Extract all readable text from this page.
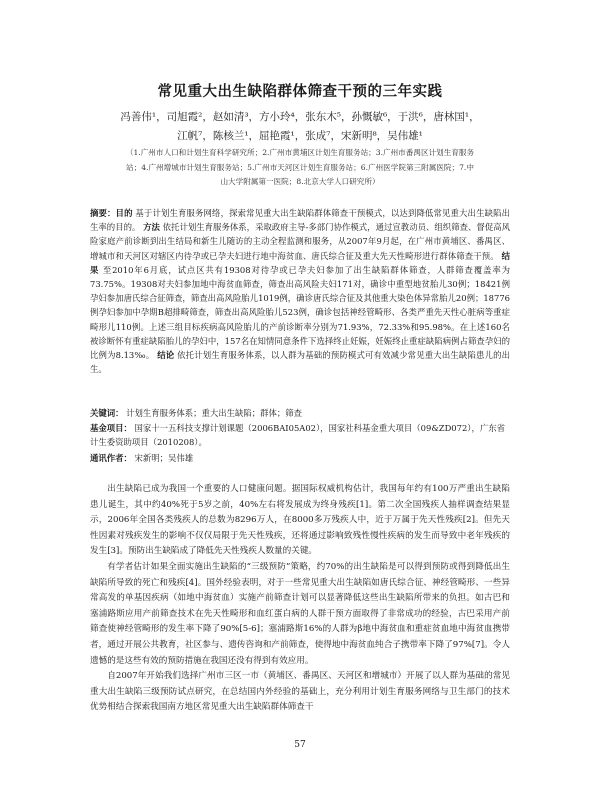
常见重大出生缺陷群体筛查干预的三年实践
冯善伟¹，司旭霞²，赵如清³，方小玲⁴，张东木⁵，孙慨敏⁶，于洪⁶，唐林国¹，
江帆⁷，陈核兰¹，屈艳霞¹，张成⁷，宋新明⁸，吴伟雄¹
（1.广州市人口和计划生育科学研究所；2.广州市黄埔区计划生育服务站；3.广州市番禺区计划生育服务
站；4.广州增城市计划生育服务站；5.广州市天河区计划生育服务站；6.广州医学院第三附属医院；7.中
山大学附属第一医院；8.北京大学人口研究所）
摘要：目的 基于计划生育服务网络，探索常见重大出生缺陷群体筛查干预模式，以达到降低常见重大出生缺陷出生率的目的。 方法 依托计划生育服务体系，采取政府主导-多部门协作模式，通过宣教动员、组织筛查、督促高风险家庭产前诊断到出生结局和新生儿随访的主动全程监测和服务，从2007年9月起，在广州市黄埔区、番禺区、增城市和天河区对辖区内待孕或已孕夫妇进行地中海贫血、唐氏综合征及重大先天性畸形进行群体筛查干预。 结果 至2010年6月底，试点区共有19308对待孕或已孕夫妇参加了出生缺陷群体筛查，人群筛查覆盖率为73.75%。19308对夫妇参加地中海贫血筛查，筛查出高风险夫妇171对，确诊中重型地贫胎儿30例；18421例孕妇参加唐氏综合征筛查，筛查出高风险胎儿1019例，确诊唐氏综合征及其他重大染色体异常胎儿20例；18776例孕妇参加中孕期B超排畸筛查，筛查出高风险胎儿523例，确诊包括神经管畸形、各类严重先天性心脏病等重症畸形儿110例。上述三组目标疾病高风险胎儿的产前诊断率分别为71.93%，72.33%和95.98%。在上述160名被诊断怀有重症缺陷胎儿的孕妇中，157名在知情同意条件下选择终止妊娠，妊娠终止重症缺陷病例占筛查孕妇的比例为8.13‰。 结论 依托计划生育服务体系，以人群为基础的预防模式可有效减少常见重大出生缺陷患儿的出生。
关键词： 计划生育服务体系；重大出生缺陷；群体；筛查
基金项目： 国家十一五科技支撑计划课题（2006BAI05A02），国家社科基金重大项目（09&ZD072），广东省计生委资助项目（2010208）。
通讯作者： 宋新明；吴伟雄

出生缺陷已成为我国一个重要的人口健康问题。据国际权威机构估计，我国每年约有100万严重出生缺陷患儿诞生，其中约40%死于5岁之前，40%左右将发展成为终身残疾[1]。第二次全国残疾人抽样调查结果显示，2006年全国各类残疾人的总数为8296万人，在8000多万残疾人中，近于万属于先天性残疾[2]。但先天性因素对残疾发生的影响不仅仅局限于先天性残疾，还将通过影响致残性慢性疾病的发生而导致中老年残疾的发生[3]。预防出生缺陷成了降低先天性残疾人数量的关键。

有学者估计如果全面实施出生缺陷的“三级预防”策略，约70%的出生缺陷是可以得到预防或得到降低出生缺陷所导致的死亡和残疾[4]。国外经验表明，对于一些常见重大出生缺陷如唐氏综合征、神经管畸形、一些异常高发的单基因疾病（如地中海贫血）实施产前筛查计划可以显著降低这些出生缺陷所带来的负担。如古巴和塞浦路斯应用产前筛查技术在先天性畸形和血红蛋白病的人群干预方面取得了非常成功的经验，古巴采用产前筛查使神经管畸形的发生率下降了90%[5-6]；塞浦路斯16%的人群为β地中海贫血和重症贫血地中海贫血携带者，通过开展公共教育，社区参与、遗传咨询和产前筛查，使得地中海贫血纯合子携带率下降了97%[7]。令人遗憾的是这些有效的预防措施在我国还没有得到有效应用。

自2007年开始我们选择广州市三区一市（黄埔区、番禺区、天河区和增城市）开展了以人群为基础的常见重大出生缺陷三级预防试点研究，在总结国内外经验的基础上，充分利用计划生育服务网络与卫生部门的技术优势相结合探索我国南方地区常见重大出生缺陷群体筛查干

57
